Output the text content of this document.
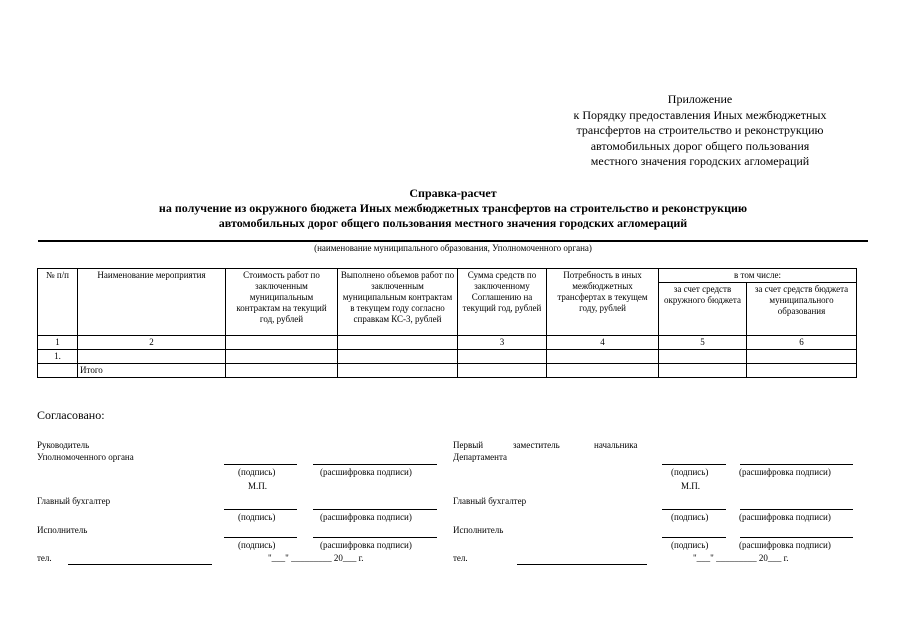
Приложение
к Порядку предоставления Иных межбюджетных
трансфертов на строительство и реконструкцию
автомобильных дорог общего пользования
местного значения городских агломераций
Справка-расчет
на получение из окружного бюджета Иных межбюджетных трансфертов на строительство и реконструкцию
автомобильных дорог общего пользования местного значения городских агломераций
(наименование муниципального образования, Уполномоченного органа)
№ п/п	Наименование мероприятия	Стоимость работ по заключенным муниципальным контрактам на текущий год, рублей	Выполнено объемов работ по заключенным муниципальным контрактам в текущем году согласно справкам КС-3, рублей	Сумма средств по заключенному Соглашению на текущий год, рублей	Потребность в иных межбюджетных трансфертах в текущем году, рублей	в том числе:	
						за счет средств окружного бюджета	за счет средств бюджета муниципального образования
1	2			3	4	5	6
1.							
	Итого						
Согласовано:
Руководитель
Уполномоченного органа
(подпись)	(расшифровка подписи)
М.П.
Главный бухгалтер
(подпись)	(расшифровка подписи)
Исполнитель
(подпись)	(расшифровка подписи)
тел.	"___" _________ 20___ г.
Первый	заместитель	начальника
Департамента
(подпись)	(расшифровка подписи)
М.П.
Главный бухгалтер
(подпись)	(расшифровка подписи)
Исполнитель
(подпись)	(расшифровка подписи)
тел.	"___" _________ 20___ г.
